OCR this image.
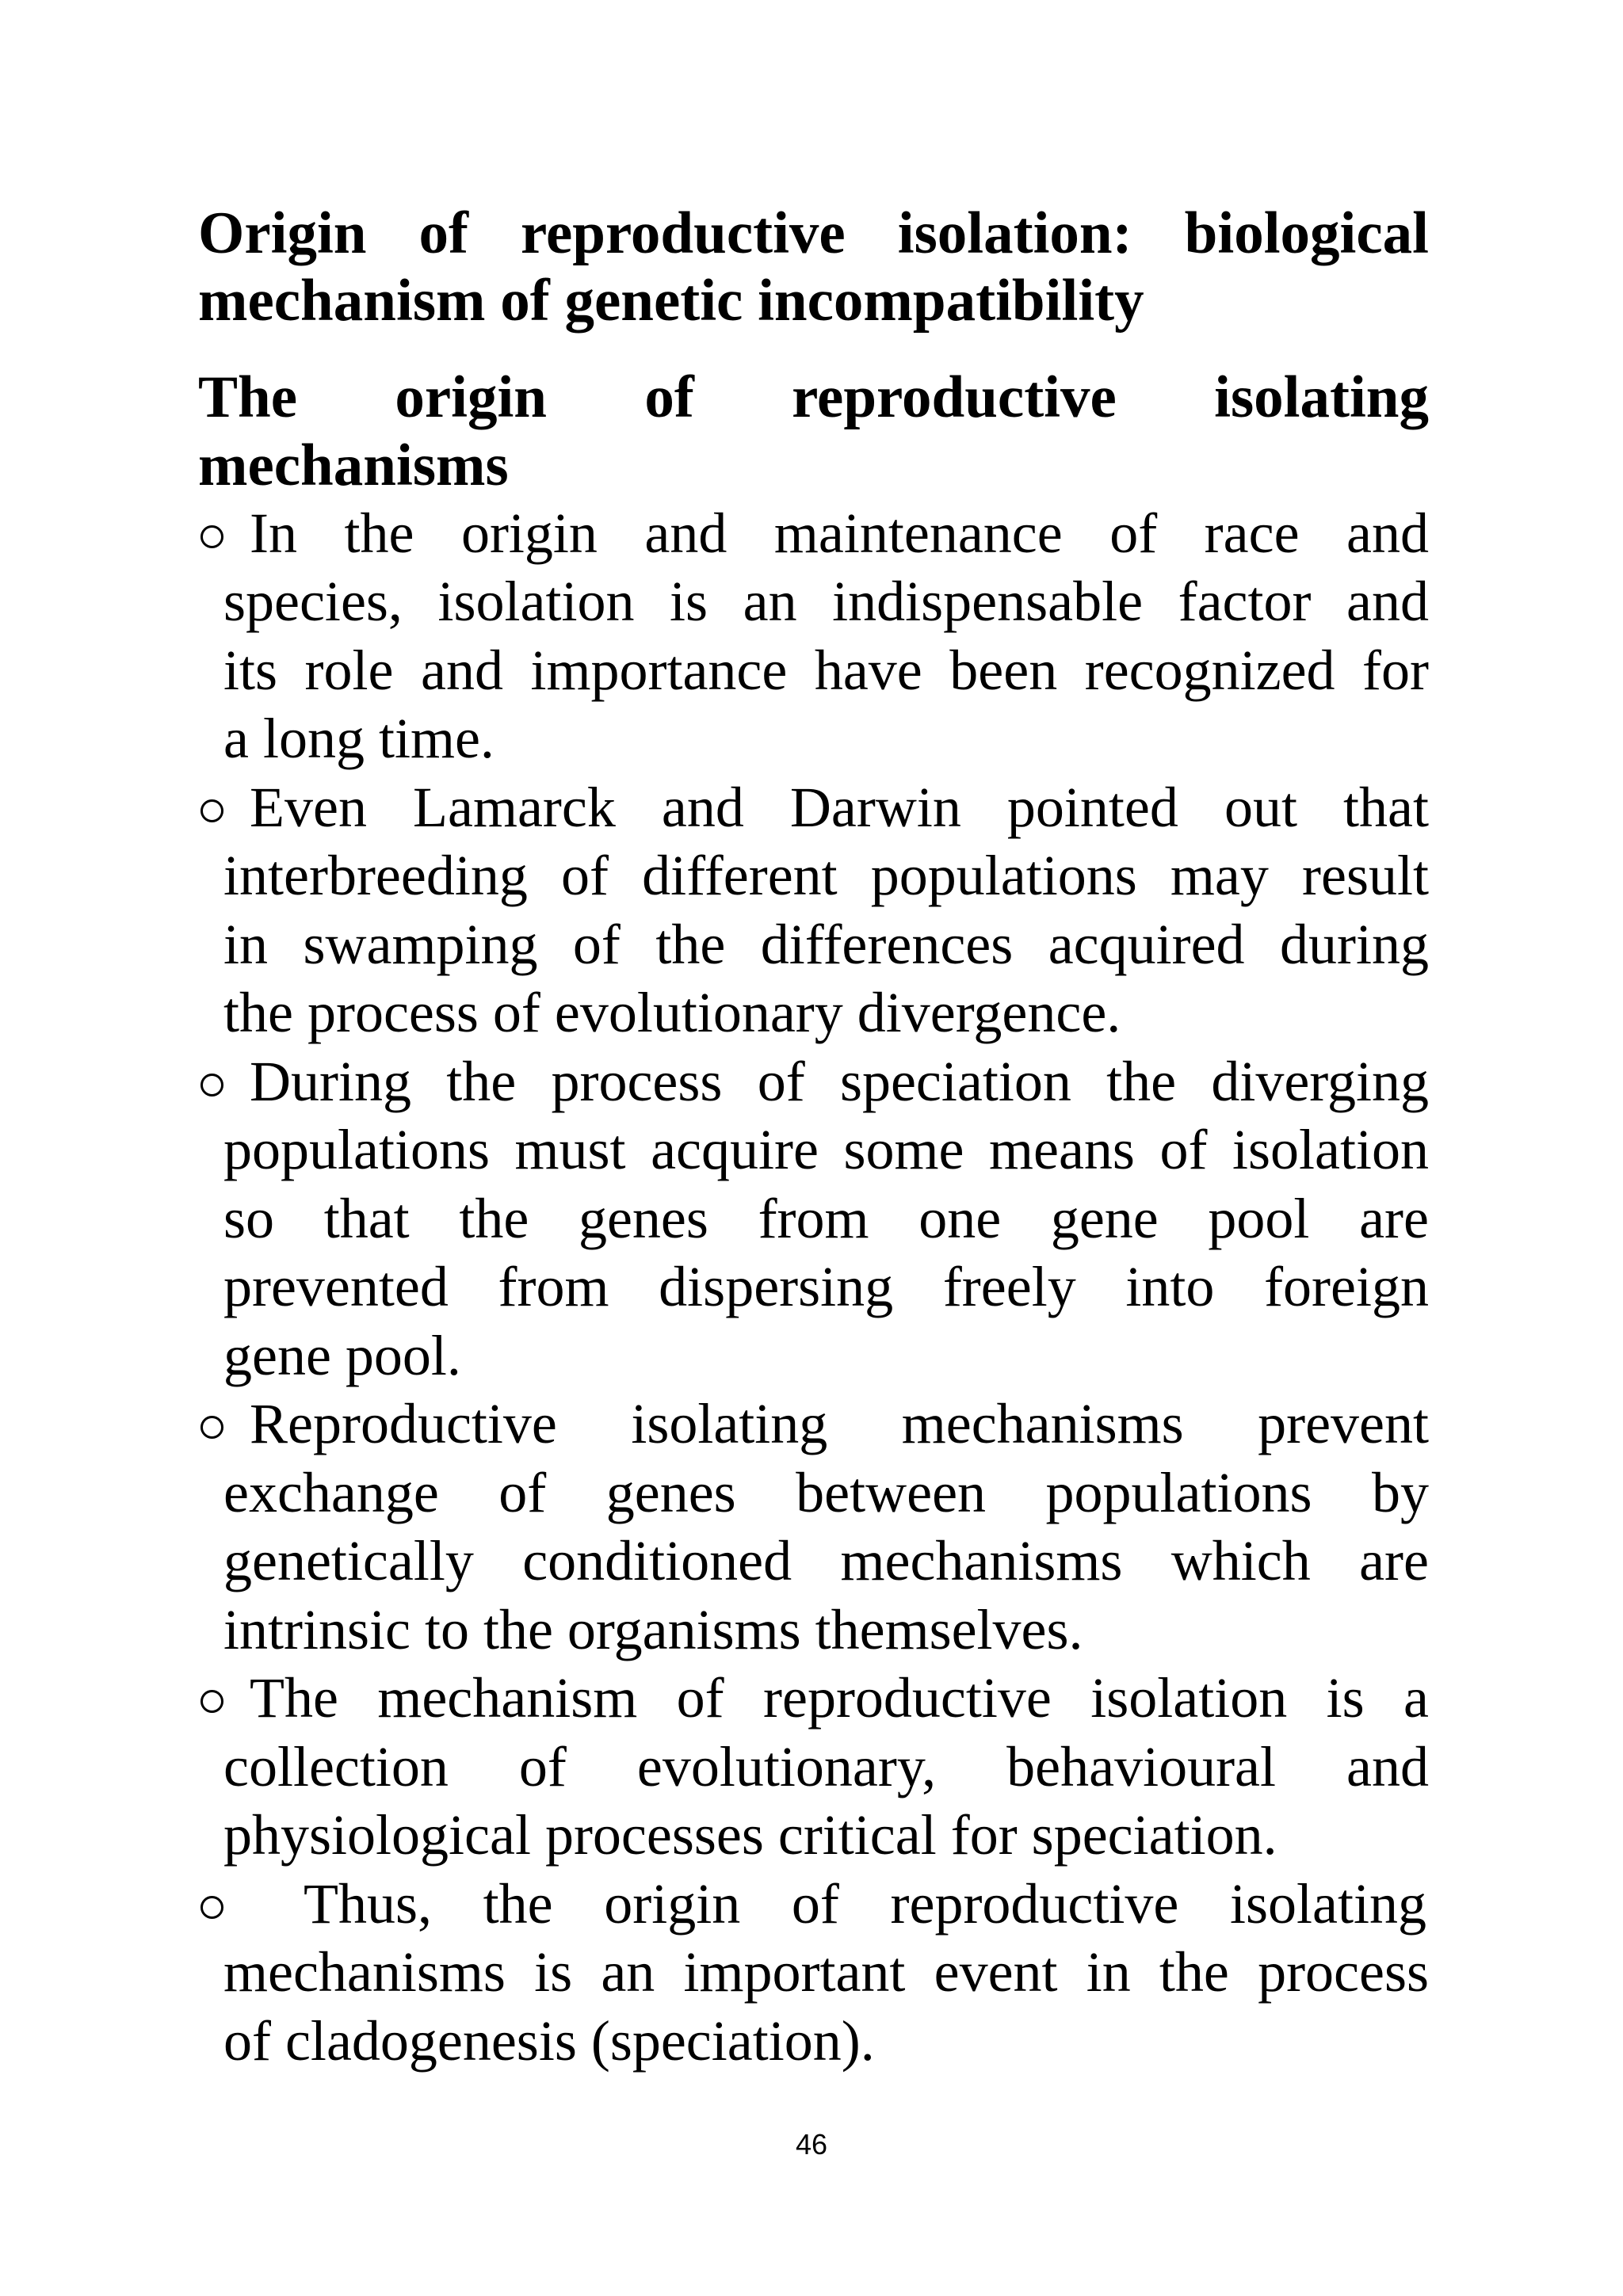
Origin of reproductive isolation: biological
mechanism of genetic incompatibility
The origin of reproductive isolating
mechanisms
In the origin and maintenance of race and
species, isolation is an indispensable factor and
its role and importance have been recognized for
a long time.
Even Lamarck and Darwin pointed out that
interbreeding of different populations may result
in swamping of the differences acquired during
the process of evolutionary divergence.
During the process of speciation the diverging
populations must acquire some means of isolation
so that the genes from one gene pool are
prevented from dispersing freely into foreign
gene pool.
Reproductive isolating mechanisms prevent
exchange of genes between populations by
genetically conditioned mechanisms which are
intrinsic to the organisms themselves.
The mechanism of reproductive isolation is a
collection of evolutionary, behavioural and
physiological processes critical for speciation.
Thus, the origin of reproductive isolating
mechanisms is an important event in the process
of cladogenesis (speciation).
46
